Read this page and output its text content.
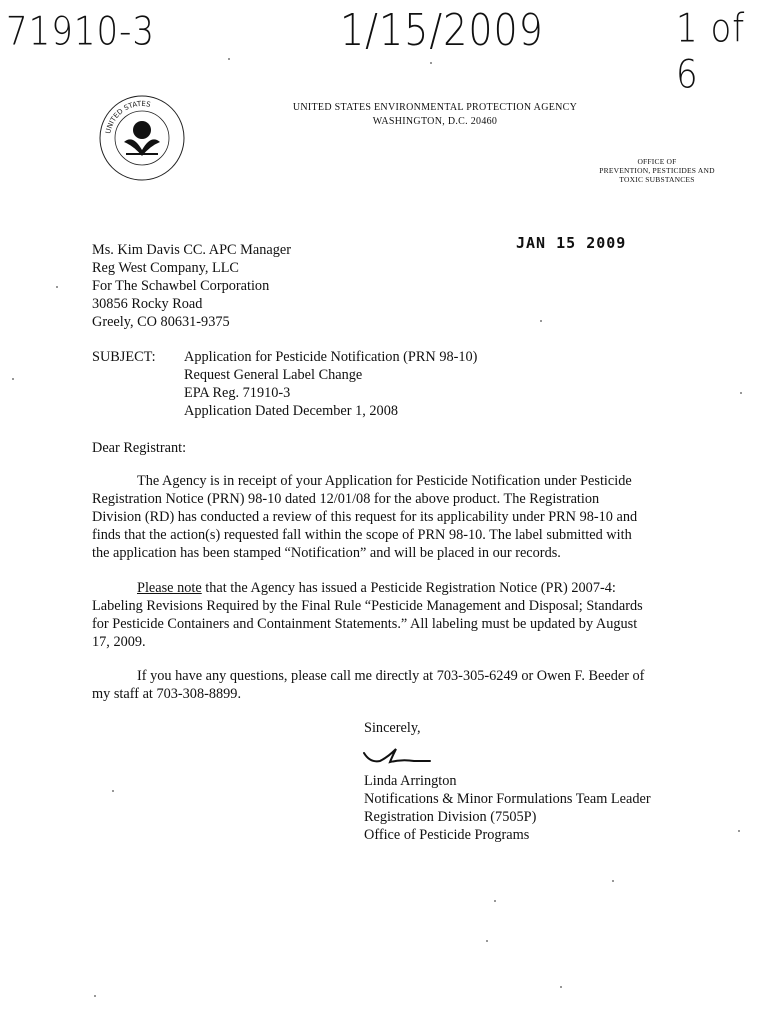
71910-3	1/15/2009	1 of 6
UNITED STATES	UNITED STATES ENVIRONMENTAL PROTECTION AGENCY
WASHINGTON, D.C. 20460
OFFICE OF
PREVENTION, PESTICIDES AND
TOXIC SUBSTANCES
JAN 15 2009
Ms. Kim Davis CC. APC Manager
Reg West Company, LLC
For The Schawbel Corporation
30856 Rocky Road
Greely, CO 80631-9375
SUBJECT: Application for Pesticide Notification (PRN 98-10)
Request General Label Change
EPA Reg. 71910-3
Application Dated December 1, 2008
Dear Registrant:
The Agency is in receipt of your Application for Pesticide Notification under Pesticide
Registration Notice (PRN) 98-10 dated 12/01/08 for the above product. The Registration
Division (RD) has conducted a review of this request for its applicability under PRN 98-10 and
finds that the action(s) requested fall within the scope of PRN 98-10. The label submitted with
the application has been stamped “Notification” and will be placed in our records.
Please note that the Agency has issued a Pesticide Registration Notice (PR) 2007-4:
Labeling Revisions Required by the Final Rule “Pesticide Management and Disposal; Standards
for Pesticide Containers and Containment Statements.” All labeling must be updated by August
17, 2009.
If you have any questions, please call me directly at 703-305-6249 or Owen F. Beeder of
my staff at 703-308-8899.
Sincerely,
Linda Arrington
Notifications & Minor Formulations Team Leader
Registration Division (7505P)
Office of Pesticide Programs
